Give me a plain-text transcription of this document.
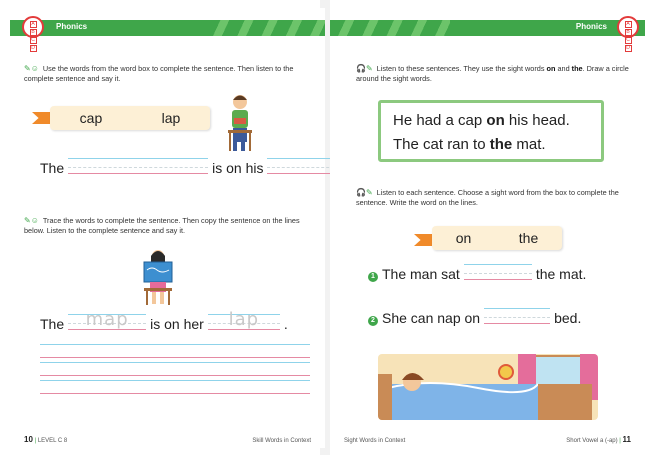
Phonics
A
B
C
D
✎☺ Use the words from the word box to complete the sentence. Then listen to the complete sentence and say it.
cap	lap
The	is on his
✎☺ Trace the words to complete the sentence. Then copy the sentence on the lines below. Listen to the complete sentence and say it.
The	map	is on her	lap	.
10 | LEVEL C 8	Skill Words in Context
Phonics	A
B
C
D
🎧✎ Listen to these sentences. They use the sight words on and the. Draw a circle around the sight words.
He had a cap on his head.
The cat ran to the mat.
🎧✎ Listen to each sentence. Choose a sight word from the box to complete the sentence. Write the word on the lines.
on	the
1 The man sat	the mat.
2 She can nap on	bed.
Sight Words in Context	Short Vowel a (-ap) | 11
